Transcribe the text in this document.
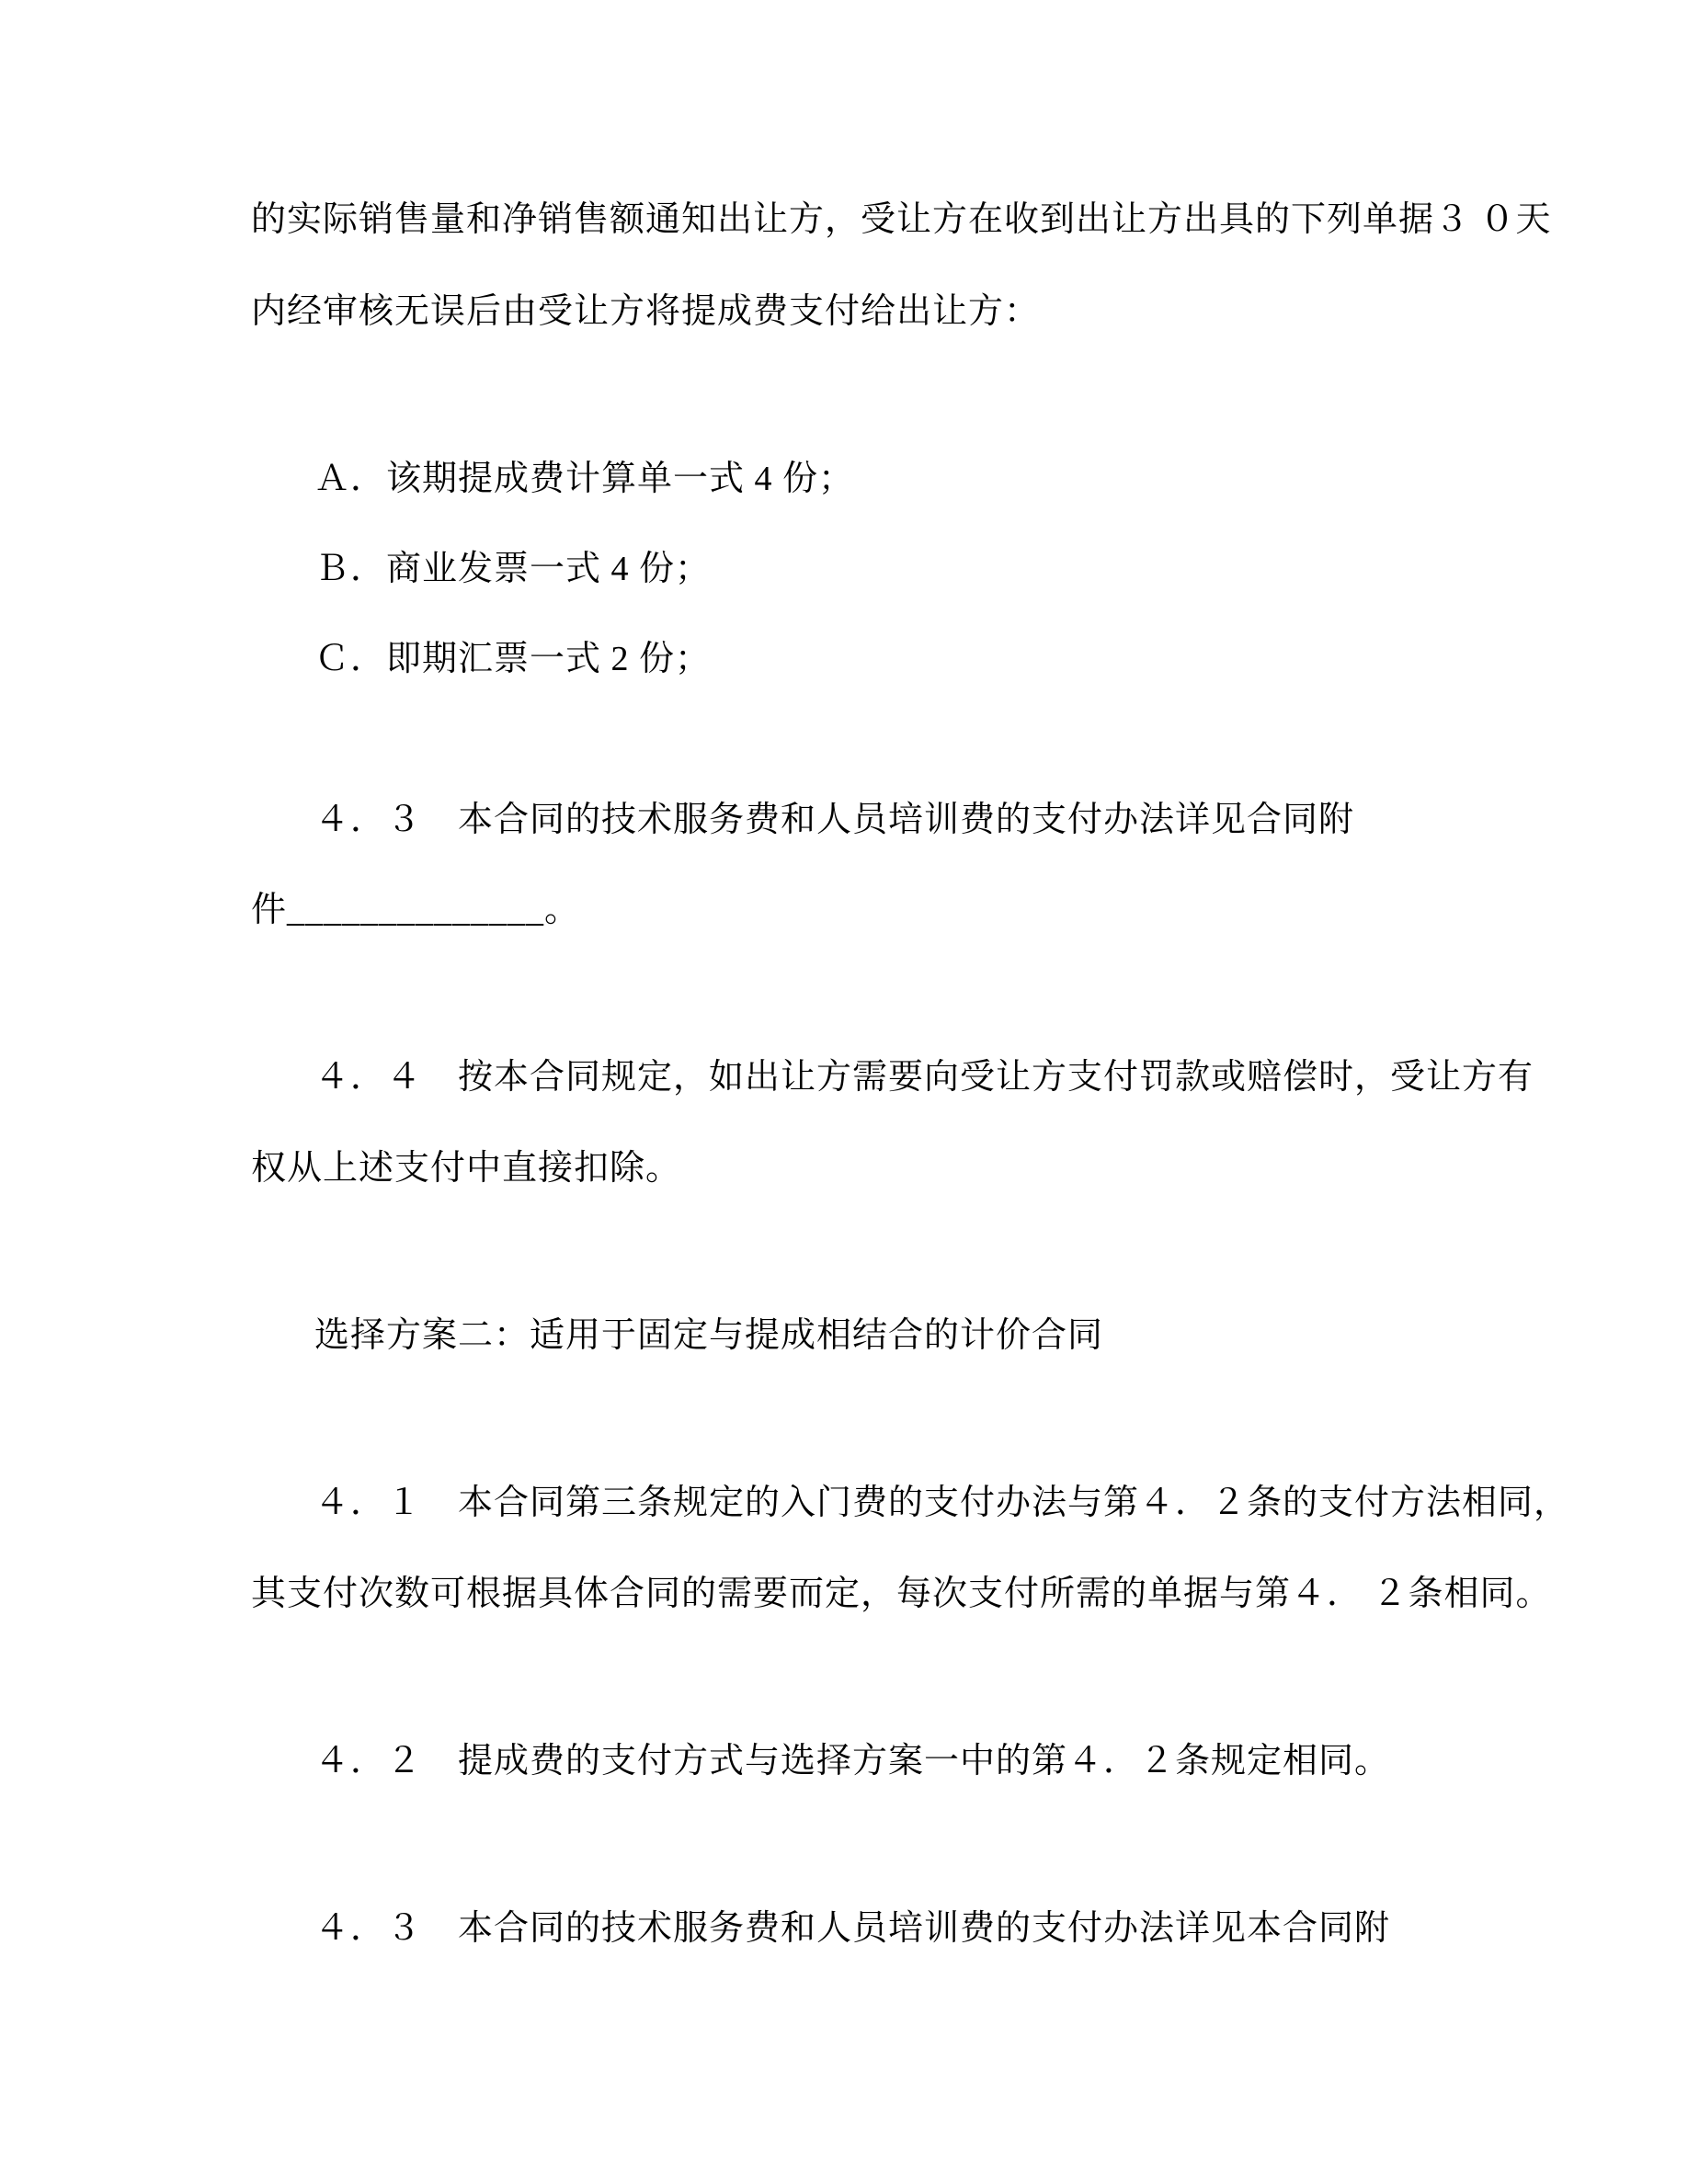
的实际销售量和净销售额通知出让方，受让方在收到出让方出具的下列单据３ ０天
内经审核无误后由受让方将提成费支付给出让方：
Ａ．该期提成费计算单一式 4 份；
Ｂ．商业发票一式 4 份；
Ｃ．即期汇票一式 2 份；
４．３　本合同的技术服务费和人员培训费的支付办法详见合同附
件______________。
４．４　按本合同规定，如出让方需要向受让方支付罚款或赔偿时，受让方有
权从上述支付中直接扣除。
选择方案二：适用于固定与提成相结合的计价合同
４．１　本合同第三条规定的入门费的支付办法与第４．２条的支付方法相同，
其支付次数可根据具体合同的需要而定，每次支付所需的单据与第４． ２条相同。
４．２　提成费的支付方式与选择方案一中的第４．２条规定相同。
４．３　本合同的技术服务费和人员培训费的支付办法详见本合同附
